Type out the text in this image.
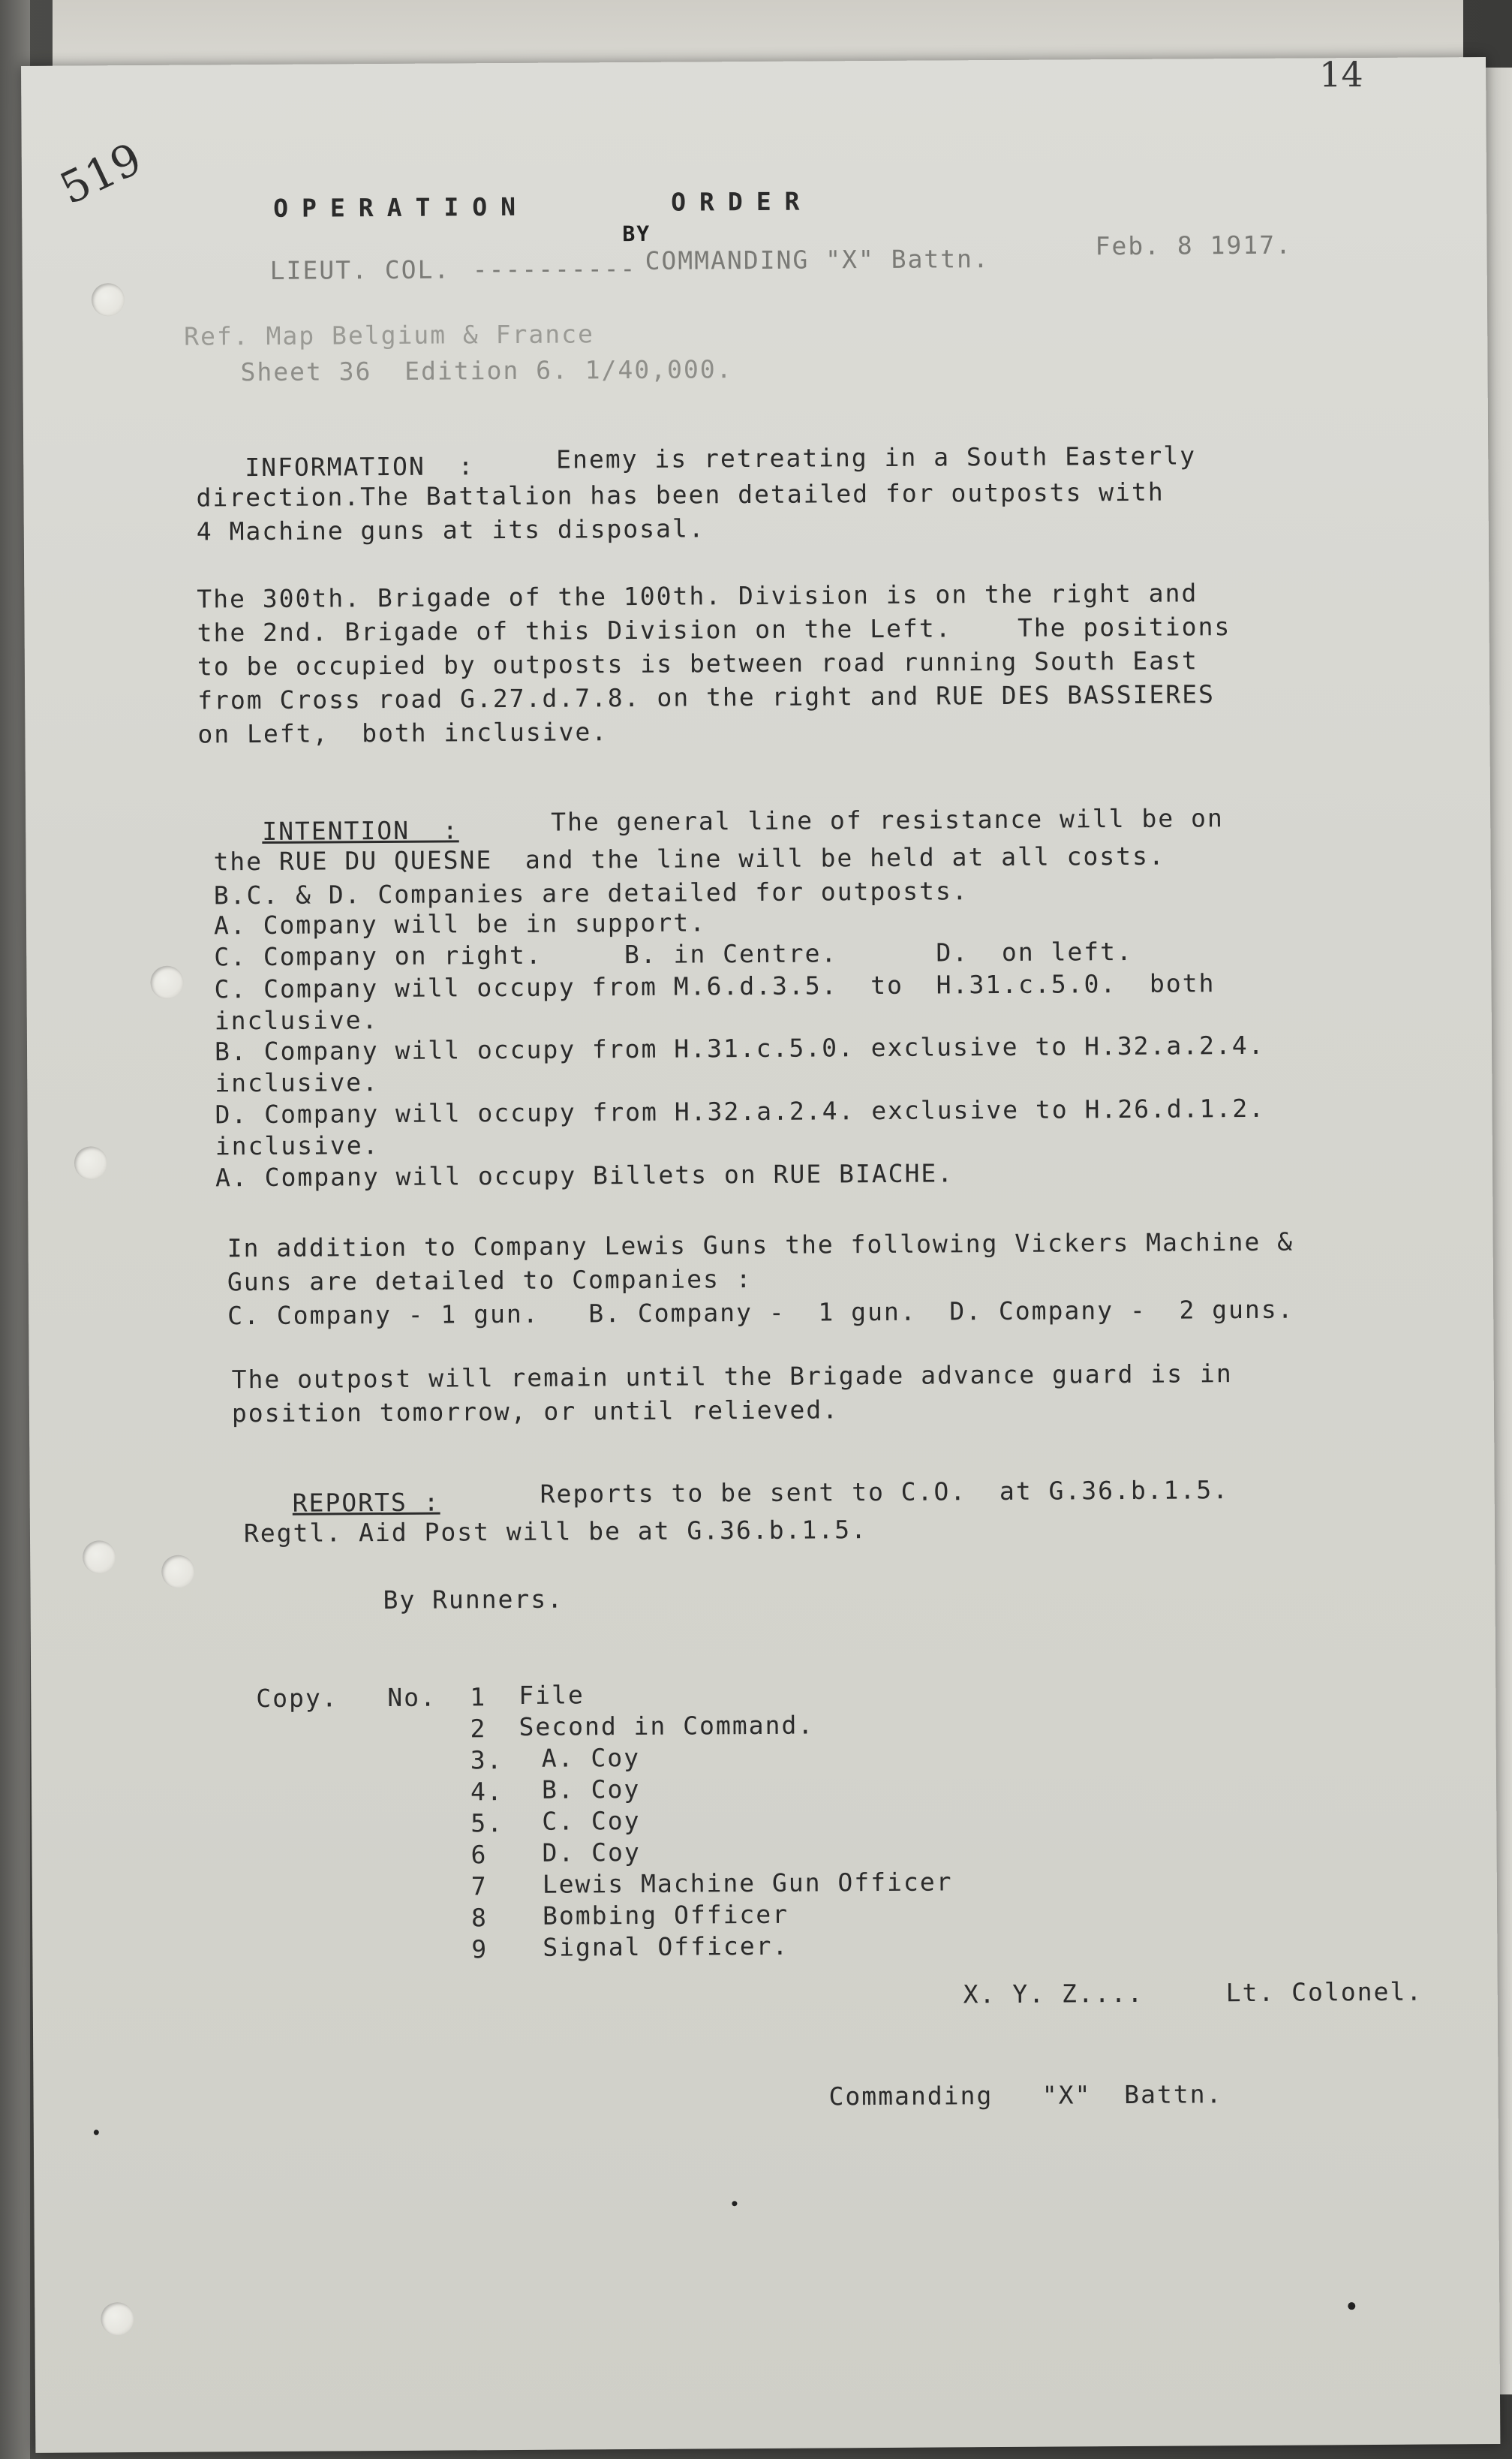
14
519	OPERATION	ORDER
BY
LIEUT. COL. ---------- COMMANDING "X" Battn.	Feb. 8 1917.
Ref. Map Belgium & France
Sheet 36  Edition 6. 1/40,000.
INFORMATION  :	Enemy is retreating in a South Easterly
direction.The Battalion has been detailed for outposts with
4 Machine guns at its disposal.
The 300th. Brigade of the 100th. Division is on the right and
the 2nd. Brigade of this Division on the Left.    The positions
to be occupied by outposts is between road running South East
from Cross road G.27.d.7.8. on the right and RUE DES BASSIERES
on Left,  both inclusive.
INTENTION  :	The general line of resistance will be on
the RUE DU QUESNE  and the line will be held at all costs.
B.C. & D. Companies are detailed for outposts.
A. Company will be in support.
C. Company on right.     B. in Centre.      D.  on left.
C. Company will occupy from M.6.d.3.5.  to  H.31.c.5.0.  both
inclusive.
B. Company will occupy from H.31.c.5.0. exclusive to H.32.a.2.4.
inclusive.
D. Company will occupy from H.32.a.2.4. exclusive to H.26.d.1.2.
inclusive.
A. Company will occupy Billets on RUE BIACHE.
In addition to Company Lewis Guns the following Vickers Machine &
Guns are detailed to Companies :
C. Company - 1 gun.   B. Company -  1 gun.  D. Company -  2 guns.
The outpost will remain until the Brigade advance guard is in
position tomorrow, or until relieved.
REPORTS :	Reports to be sent to C.O.  at G.36.b.1.5.
Regtl. Aid Post will be at G.36.b.1.5.
By Runners.
Copy. No. 1 File
2 Second in Command.
3. A. Coy
4. B. Coy
5. C. Coy
6 D. Coy
7 Lewis Machine Gun Officer
8 Bombing Officer
9 Signal Officer.
X. Y. Z....	Lt. Colonel.
Commanding   "X"  Battn.
